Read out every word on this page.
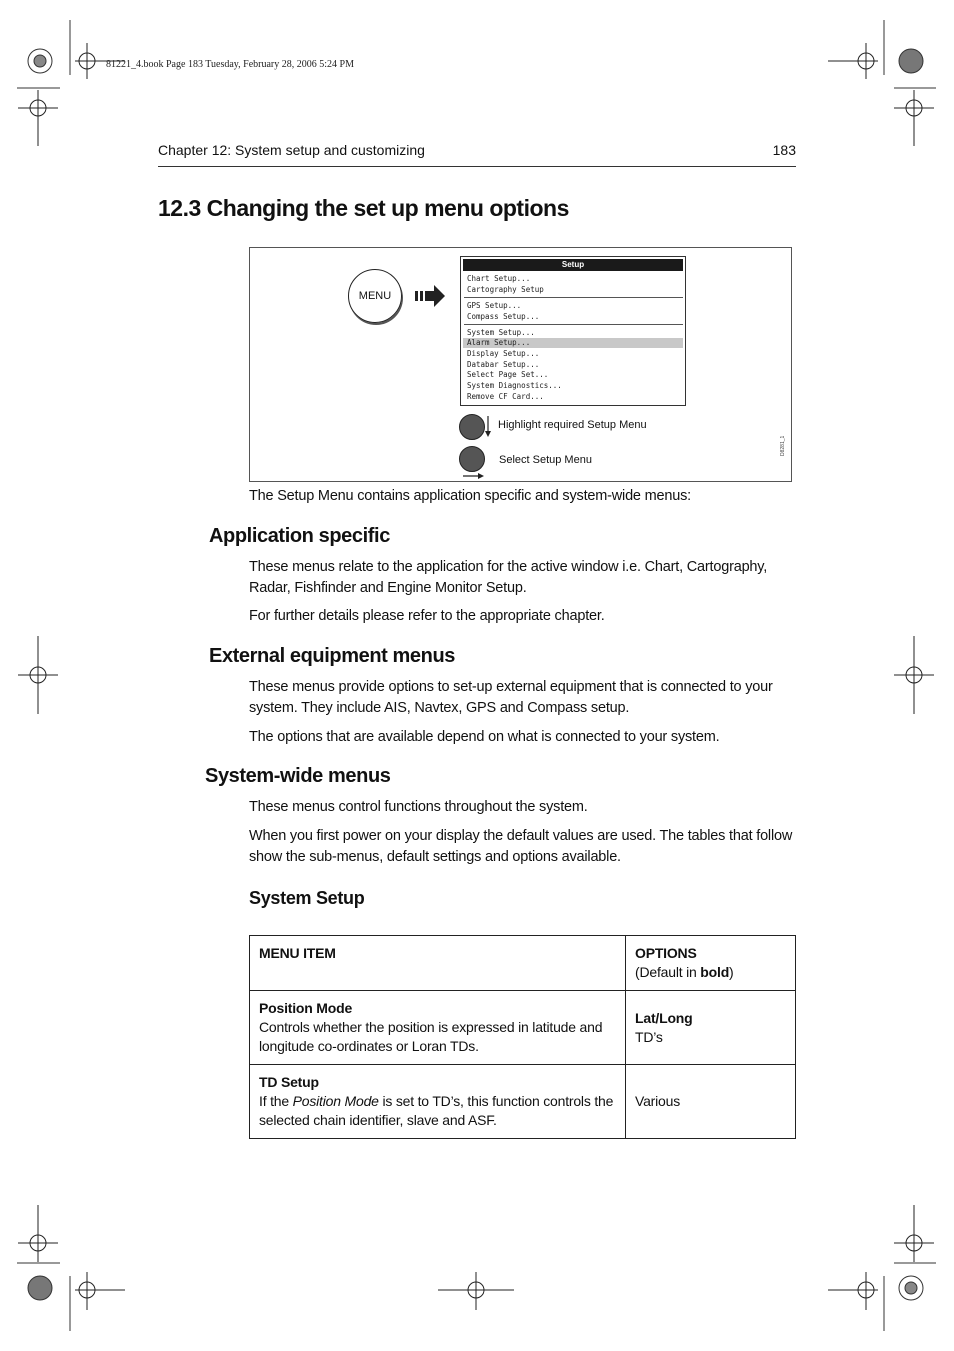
81221_4.book Page 183 Tuesday, February 28, 2006 5:24 PM
Chapter 12: System setup and customizing	183
12.3 Changing the set up menu options
MENU
Setup
Chart Setup...
Cartography Setup
GPS Setup...
Compass Setup...
System Setup...
Alarm Setup...
Display Setup...
Databar Setup...
Select Page Set...
System Diagnostics...
Remove CF Card...
Highlight required Setup Menu
Select Setup Menu
D8281_1
The Setup Menu contains application specific and system-wide menus:
Application specific
These menus relate to the application for the active window i.e. Chart, Cartography, Radar, Fishfinder and Engine Monitor Setup.
For further details please refer to the appropriate chapter.
External equipment menus
These menus provide options to set-up external equipment that is connected to your system. They include AIS, Navtex, GPS and Compass setup.
The options that are available depend on what is connected to your system.
System-wide menus
These menus control functions throughout the system.
When you first power on your display the default values are used. The tables that follow show the sub-menus, default settings and options available.
System Setup
MENU ITEM	OPTIONS
(Default in bold)
Position Mode
Controls whether the position is expressed in latitude and longitude co-ordinates or Loran TDs.	Lat/Long
TD’s
TD Setup
If the Position Mode is set to TD’s, this function controls the selected chain identifier, slave and ASF.	Various
